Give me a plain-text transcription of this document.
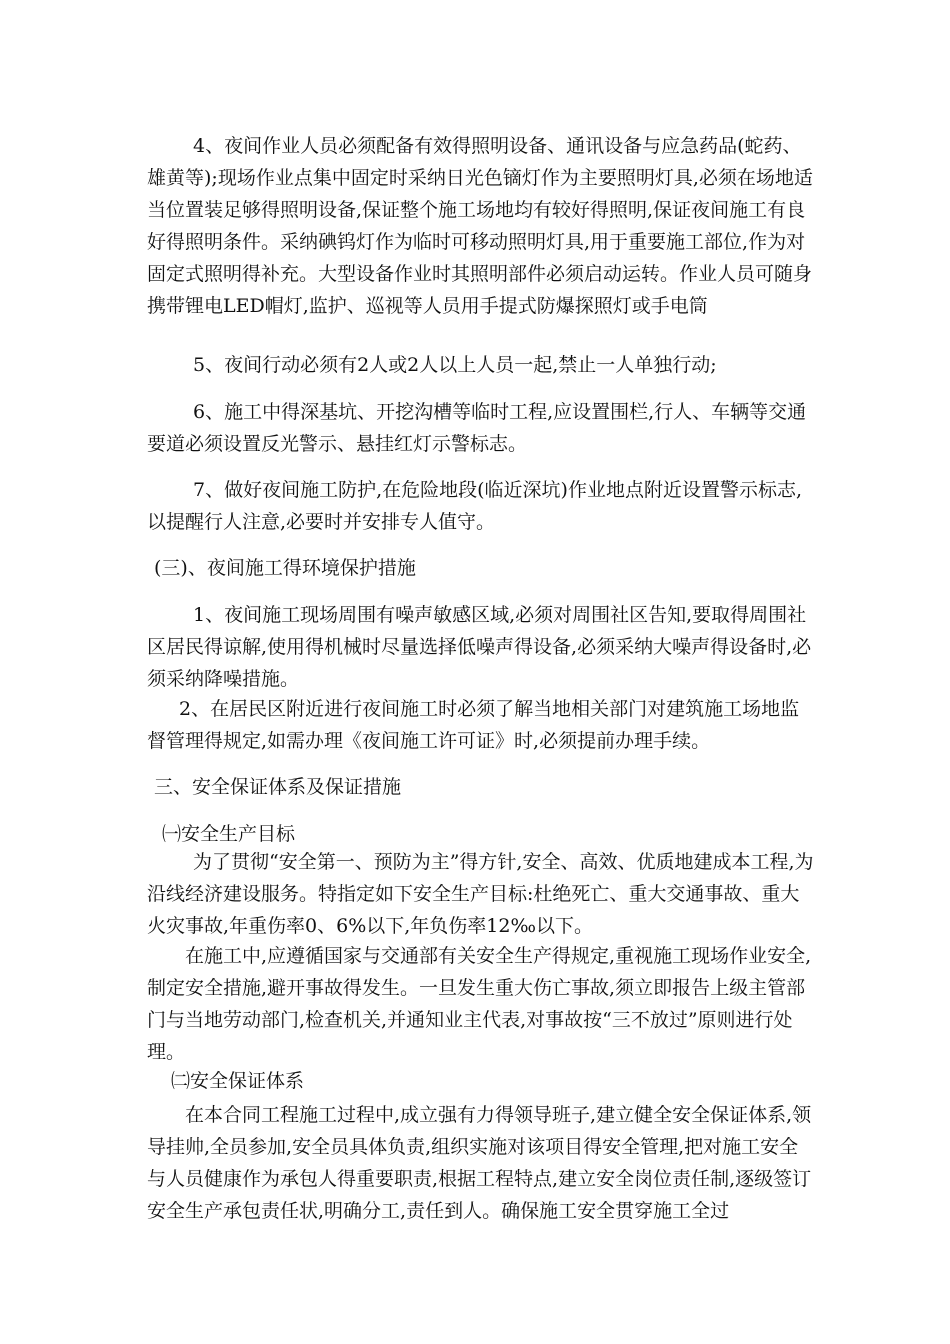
4、夜间作业人员必须配备有效得照明设备、通讯设备与应急药品(蛇药、雄黄等);现场作业点集中固定时采纳日光色镝灯作为主要照明灯具,必须在场地适当位置装足够得照明设备,保证整个施工场地均有较好得照明,保证夜间施工有良好得照明条件。采纳碘钨灯作为临时可移动照明灯具,用于重要施工部位,作为对固定式照明得补充。大型设备作业时其照明部件必须启动运转。作业人员可随身携带锂电LED帽灯,监护、巡视等人员用手提式防爆探照灯或手电筒

5、夜间行动必须有2人或2人以上人员一起,禁止一人单独行动;

6、施工中得深基坑、开挖沟槽等临时工程,应设置围栏,行人、车辆等交通要道必须设置反光警示、悬挂红灯示警标志。

7、做好夜间施工防护,在危险地段(临近深坑)作业地点附近设置警示标志,以提醒行人注意,必要时并安排专人值守。

(三)、夜间施工得环境保护措施

1、夜间施工现场周围有噪声敏感区域,必须对周围社区告知,要取得周围社区居民得谅解,使用得机械时尽量选择低噪声得设备,必须采纳大噪声得设备时,必须采纳降噪措施。

2、在居民区附近进行夜间施工时必须了解当地相关部门对建筑施工场地监督管理得规定,如需办理《夜间施工许可证》时,必须提前办理手续。

三、安全保证体系及保证措施

㈠安全生产目标

为了贯彻“安全第一、预防为主”得方针,安全、高效、优质地建成本工程,为沿线经济建设服务。特指定如下安全生产目标:杜绝死亡、重大交通事故、重大火灾事故,年重伤率0、6%以下,年负伤率12‰以下。

在施工中,应遵循国家与交通部有关安全生产得规定,重视施工现场作业安全,制定安全措施,避开事故得发生。一旦发生重大伤亡事故,须立即报告上级主管部门与当地劳动部门,检查机关,并通知业主代表,对事故按“三不放过”原则进行处理。

㈡安全保证体系

在本合同工程施工过程中,成立强有力得领导班子,建立健全安全保证体系,领导挂帅,全员参加,安全员具体负责,组织实施对该项目得安全管理,把对施工安全与人员健康作为承包人得重要职责,根据工程特点,建立安全岗位责任制,逐级签订安全生产承包责任状,明确分工,责任到人。确保施工安全贯穿施工全过
